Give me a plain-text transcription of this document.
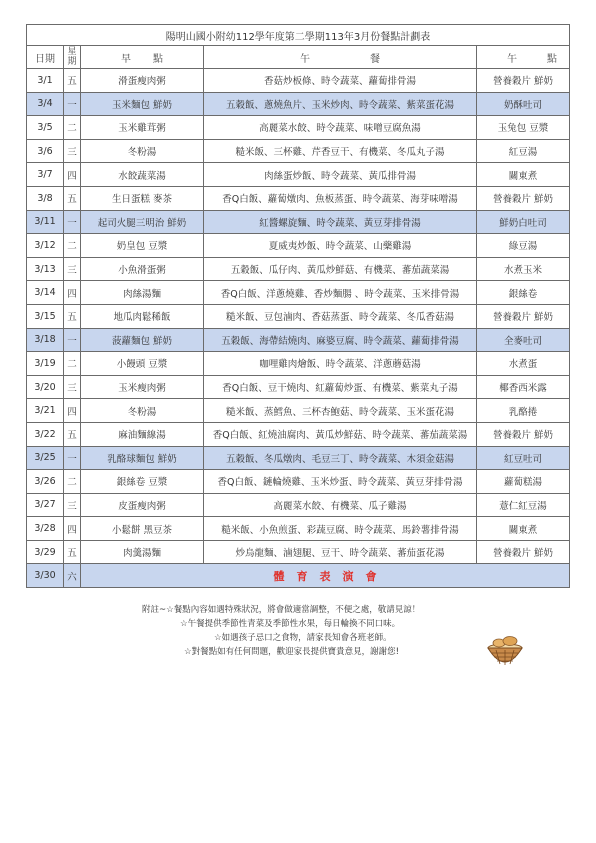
陽明山國小附幼112學年度第二學期113年3月份餐點計劃表				
日期	星期	早點	午餐	午點
3/1	五	滑蛋瘦肉粥	香菇炒板條、時令蔬菜、蘿蔔排骨湯	營養穀片 鮮奶
3/4	一	玉米麵包 鮮奶	五穀飯、蔥燒魚片、玉米炒肉、時令蔬菜、紫菜蛋花湯	奶酥吐司
3/5	二	玉米雞茸粥	高麗菜水餃、時令蔬菜、味噌豆腐魚湯	玉兔包 豆漿
3/6	三	冬粉湯	糙米飯、三杯雞、芹香豆干、有機菜、冬瓜丸子湯	紅豆湯
3/7	四	水餃蔬菜湯	肉絲蛋炒飯、時令蔬菜、黃瓜排骨湯	關東煮
3/8	五	生日蛋糕 麥茶	香Q白飯、蘿蔔燉肉、魚板蒸蛋、時令蔬菜、海芽味噌湯	營養穀片 鮮奶
3/11	一	起司火腿三明治 鮮奶	紅醬螺旋麵、時令蔬菜、黃豆芽排骨湯	鮮奶白吐司
3/12	二	奶皇包 豆漿	夏威夷炒飯、時令蔬菜、山藥雞湯	綠豆湯
3/13	三	小魚滑蛋粥	五穀飯、瓜仔肉、黃瓜炒鮮菇、有機菜、蕃茄蔬菜湯	水煮玉米
3/14	四	肉絲湯麵	香Q白飯、洋蔥燒雞、香炒麵腸 、時令蔬菜、玉米排骨湯	銀絲卷
3/15	五	地瓜肉鬆稀飯	糙米飯、豆包滷肉、香菇蒸蛋、時令蔬菜、冬瓜香菇湯	營養穀片 鮮奶
3/18	一	菠蘿麵包 鮮奶	五穀飯、海帶結燒肉、麻婆豆腐、時令蔬菜、蘿蔔排骨湯	全麥吐司
3/19	二	小饅頭 豆漿	咖哩雞肉燴飯、時令蔬菜、洋蔥蘑菇湯	水煮蛋
3/20	三	玉米瘦肉粥	香Q白飯、豆干燒肉、紅蘿蔔炒蛋、有機菜、紫菜丸子湯	椰香西米露
3/21	四	冬粉湯	糙米飯、蒸鱈魚、三杯杏鮑菇、時令蔬菜、玉米蛋花湯	乳酪捲
3/22	五	麻油麵線湯	香Q白飯、紅燒油腐肉、黃瓜炒鮮菇、時令蔬菜、蕃茄蔬菜湯	營養穀片 鮮奶
3/25	一	乳酪球麵包 鮮奶	五穀飯、冬瓜燉肉、毛豆三丁、時令蔬菜、木須金菇湯	紅豆吐司
3/26	二	銀絲卷 豆漿	香Q白飯、鏈輪燒雞、玉米炒蛋、時令蔬菜、黃豆芽排骨湯	蘿蔔糕湯
3/27	三	皮蛋瘦肉粥	高麗菜水餃、有機菜、瓜子雞湯	薏仁紅豆湯
3/28	四	小鬆餅 黑豆茶	糙米飯、小魚煎蛋、彩蔬豆腐、時令蔬菜、馬鈴薯排骨湯	關東煮
3/29	五	肉羹湯麵	炒烏龍麵、滷翅腿、豆干、時令蔬菜、蕃茄蛋花湯	營養穀片 鮮奶
3/30	六	體育表演會		

附註~☆餐點內容如遇特殊狀況，將會做適當調整，不便之處，敬請見諒！

☆午餐提供季節性青菜及季節性水果，每日輪換不同口味。

☆如遇孩子忌口之食物，請家長知會各班老師。

☆對餐點如有任何問題，歡迎家長提供寶貴意見，謝謝您!
